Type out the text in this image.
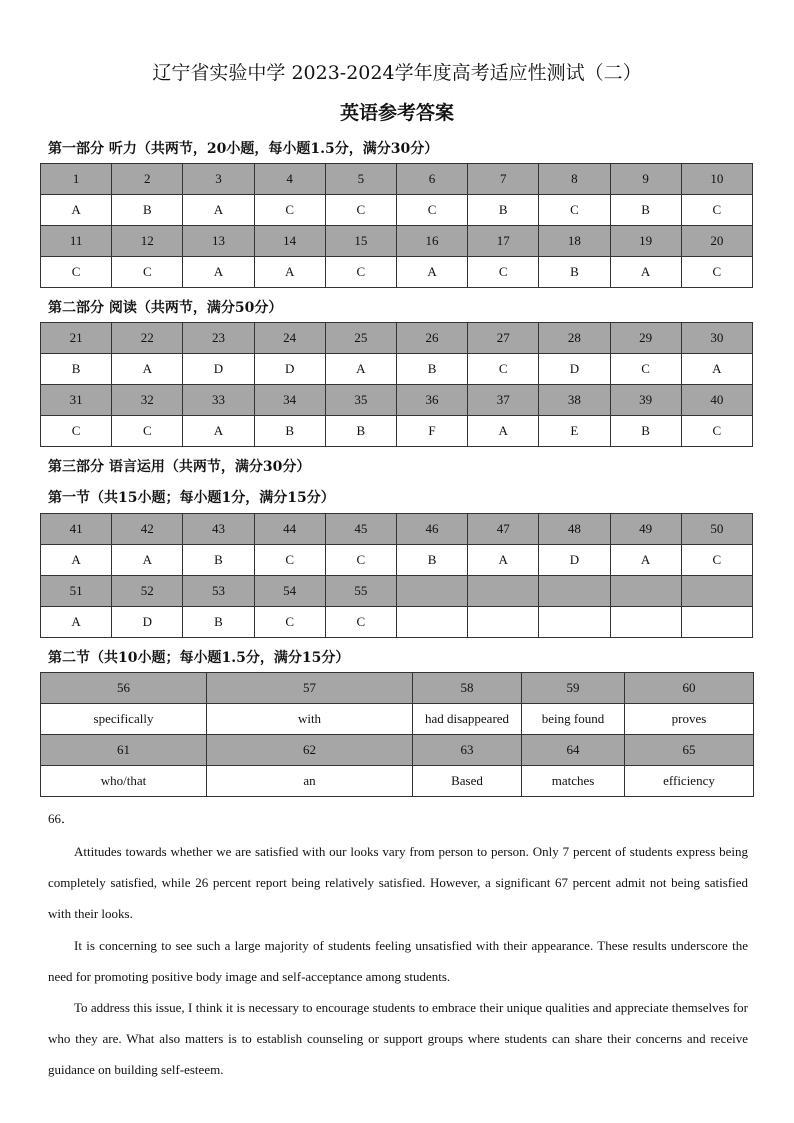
辽宁省实验中学 2023-2024学年度高考适应性测试（二）
英语参考答案
第一部分 听力（共两节，20小题，每小题1.5分，满分30分）
1	2	3	4	5	6	7	8	9	10
A	B	A	C	C	C	B	C	B	C
11	12	13	14	15	16	17	18	19	20
C	C	A	A	C	A	C	B	A	C
第二部分 阅读（共两节，满分50分）
21	22	23	24	25	26	27	28	29	30
B	A	D	D	A	B	C	D	C	A
31	32	33	34	35	36	37	38	39	40
C	C	A	B	B	F	A	E	B	C
第三部分 语言运用（共两节，满分30分）
第一节（共15小题；每小题1分，满分15分）
41	42	43	44	45	46	47	48	49	50
A	A	B	C	C	B	A	D	A	C
51	52	53	54	55					
A	D	B	C	C					
第二节（共10小题；每小题1.5分，满分15分）
56	57	58	59	60
specifically	with	had disappeared	being found	proves
61	62	63	64	65
who/that	an	Based	matches	efficiency
66．

Attitudes towards whether we are satisfied with our looks vary from person to person. Only 7 percent of students express being completely satisfied, while 26 percent report being relatively satisfied. However, a significant 67 percent admit not being satisfied with their looks.

It is concerning to see such a large majority of students feeling unsatisfied with their appearance. These results underscore the need for promoting positive body image and self-acceptance among students.

To address this issue, I think it is necessary to encourage students to embrace their unique qualities and appreciate themselves for who they are. What also matters is to establish counseling or support groups where students can share their concerns and receive guidance on building self-esteem.
